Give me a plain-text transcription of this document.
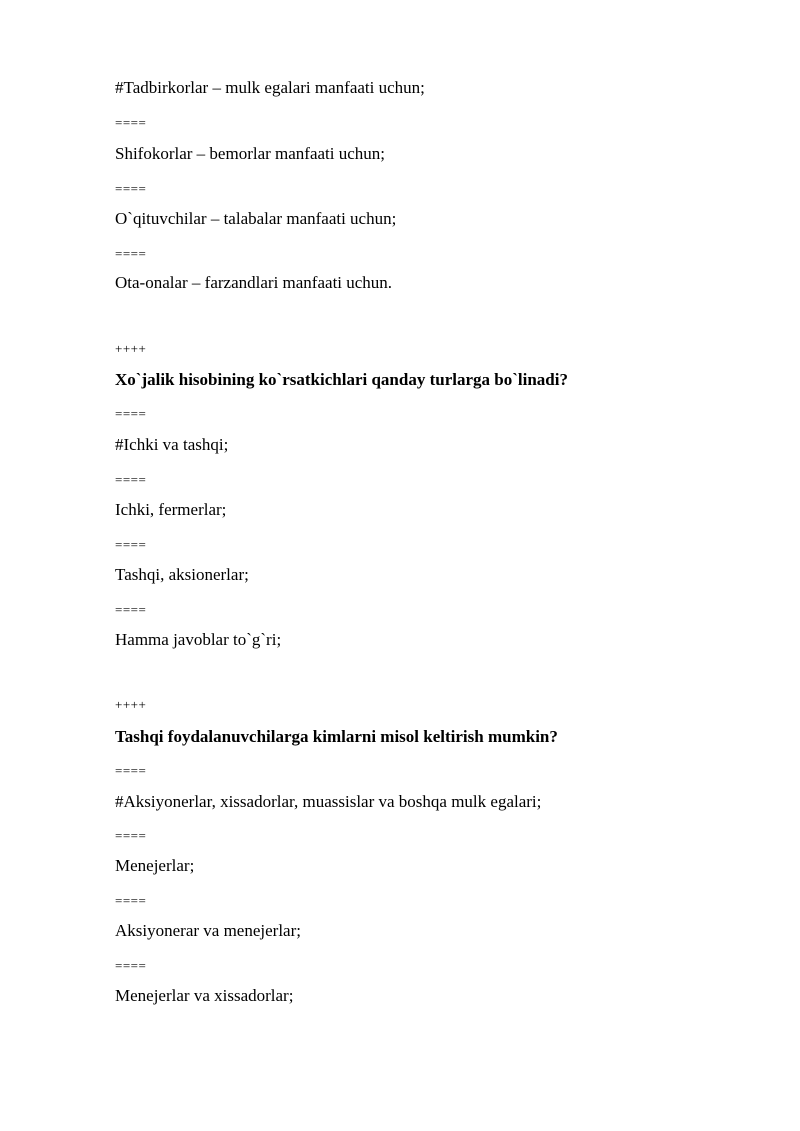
#Tadbirkorlar – mulk egalari manfaati uchun;
====
Shifokorlar – bemorlar manfaati uchun;
====
O`qituvchilar – talabalar manfaati uchun;
====
Ota-onalar – farzandlari manfaati uchun.
++++
Xo`jalik hisobining ko`rsatkichlari qanday turlarga bo`linadi?
====
#Ichki va tashqi;
====
Ichki, fermerlar;
====
Tashqi, aksionerlar;
====
Hamma javoblar to`g`ri;
++++
Tashqi foydalanuvchilarga kimlarni misol keltirish mumkin?
====
#Aksiyonerlar, xissadorlar, muassislar va boshqa mulk egalari;
====
Menejerlar;
====
Aksiyonerar va menejerlar;
====
Menejerlar va xissadorlar;
